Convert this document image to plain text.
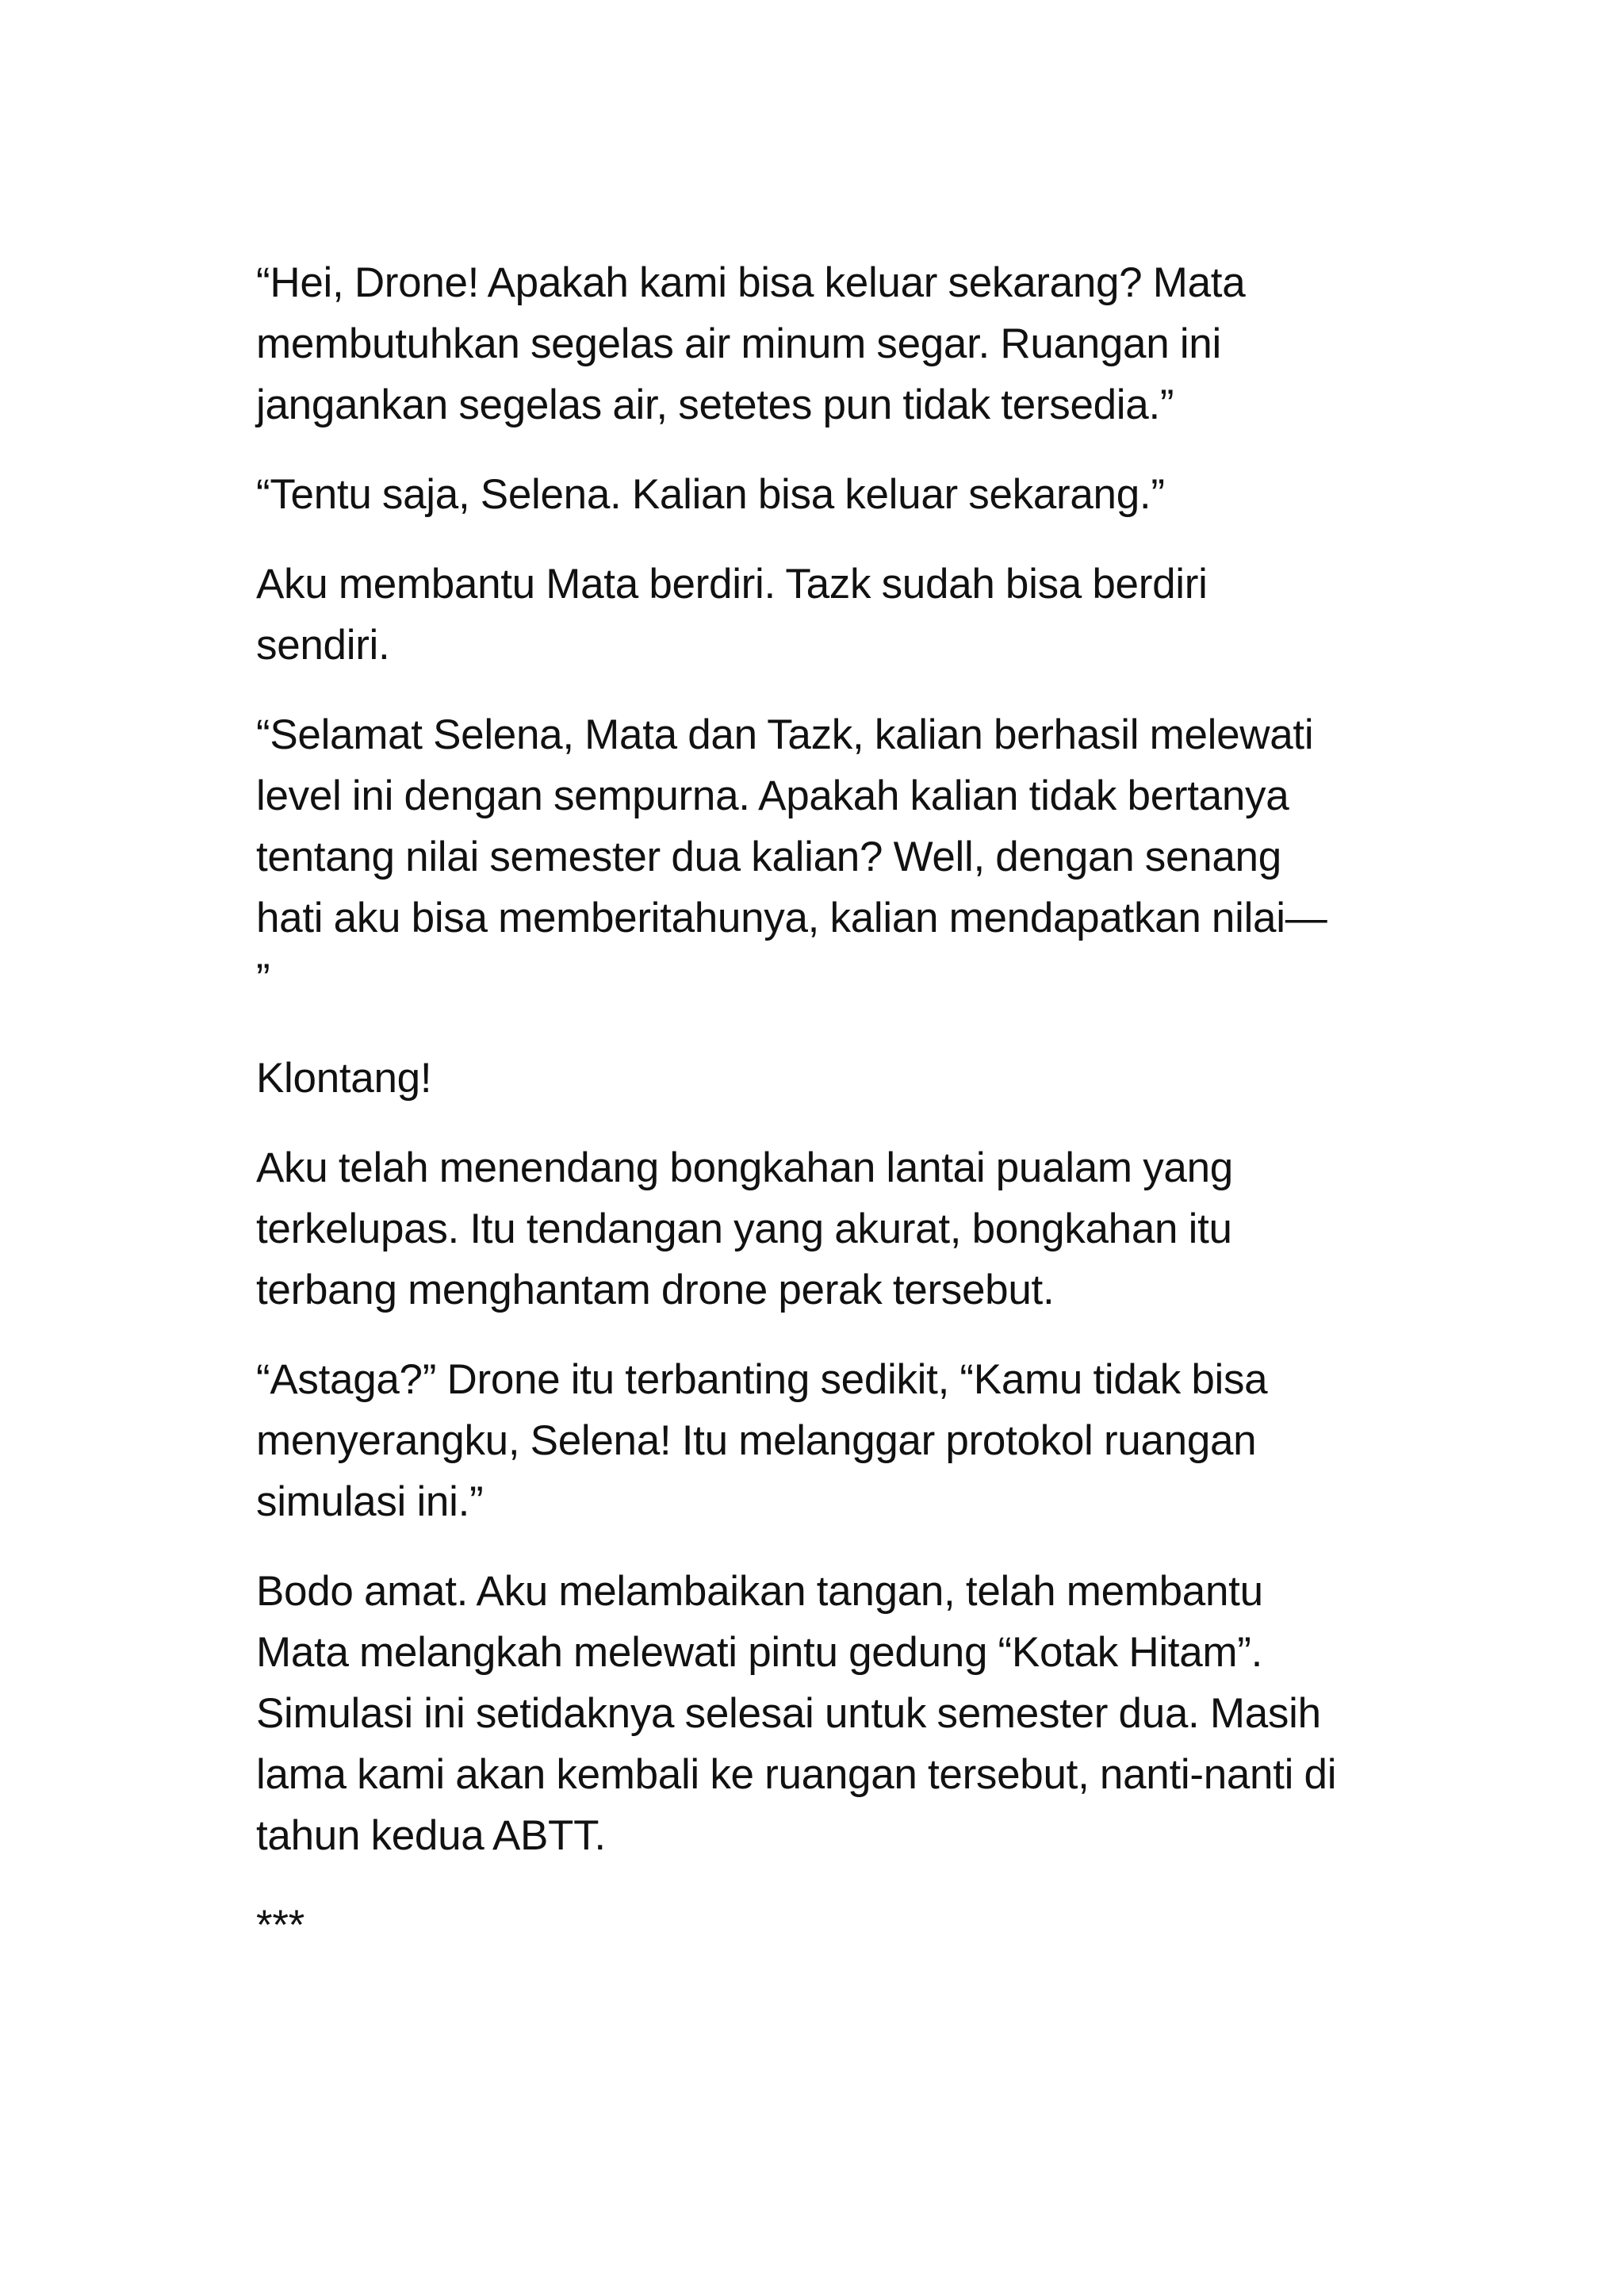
“Hei, Drone! Apakah kami bisa keluar sekarang? Mata
membutuhkan segelas air minum segar. Ruangan ini
jangankan segelas air, setetes pun tidak tersedia.”
“Tentu saja, Selena. Kalian bisa keluar sekarang.”
Aku membantu Mata berdiri. Tazk sudah bisa berdiri
sendiri.
“Selamat Selena, Mata dan Tazk, kalian berhasil melewati
level ini dengan sempurna. Apakah kalian tidak bertanya
tentang nilai semester dua kalian? Well, dengan senang
hati aku bisa memberitahunya, kalian mendapatkan nilai—
”
Klontang!
Aku telah menendang bongkahan lantai pualam yang
terkelupas. Itu tendangan yang akurat, bongkahan itu
terbang menghantam drone perak tersebut.
“Astaga?” Drone itu terbanting sedikit, “Kamu tidak bisa
menyerangku, Selena! Itu melanggar protokol ruangan
simulasi ini.”
Bodo amat. Aku melambaikan tangan, telah membantu
Mata melangkah melewati pintu gedung “Kotak Hitam”.
Simulasi ini setidaknya selesai untuk semester dua. Masih
lama kami akan kembali ke ruangan tersebut, nanti-nanti di
tahun kedua ABTT.
***
